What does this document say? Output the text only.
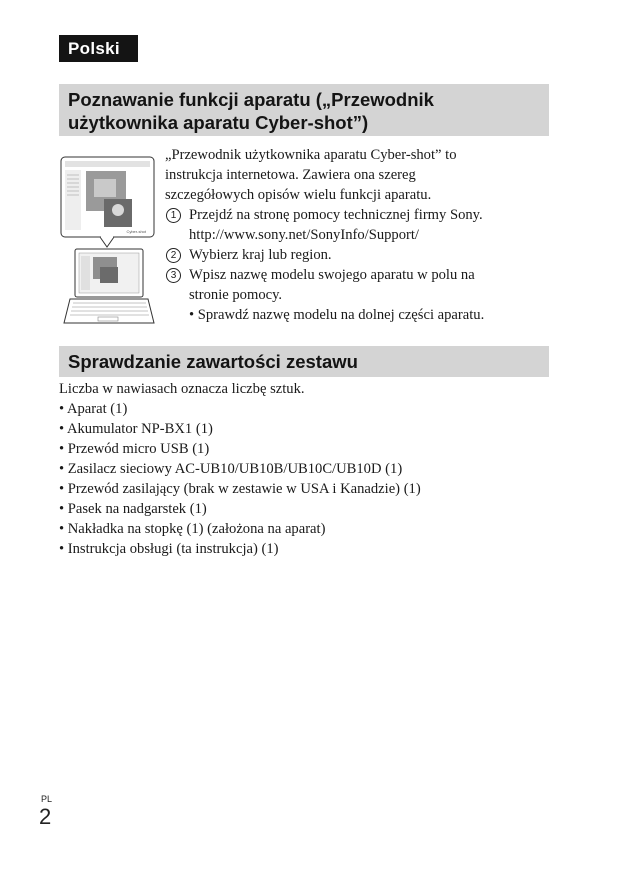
Polski
Poznawanie funkcji aparatu („Przewodnik
użytkownika aparatu Cyber-shot”)
Cyber-shot

„Przewodnik użytkownika aparatu Cyber-shot” to

instrukcja internetowa. Zawiera ona szereg

szczegółowych opisów wielu funkcji aparatu.

1 Przejdź na stronę pomocy technicznej firmy Sony.

http://www.sony.net/SonyInfo/Support/

2 Wybierz kraj lub region.

3 Wpisz nazwę modelu swojego aparatu w polu na

stronie pomocy.

• Sprawdź nazwę modelu na dolnej części aparatu.

Sprawdzanie zawartości zestawu

Liczba w nawiasach oznacza liczbę sztuk.

• Aparat (1)
• Akumulator NP-BX1 (1)
• Przewód micro USB (1)
• Zasilacz sieciowy AC-UB10/UB10B/UB10C/UB10D (1)
• Przewód zasilający (brak w zestawie w USA i Kanadzie) (1)
• Pasek na nadgarstek (1)
• Nakładka na stopkę (1) (założona na aparat)
• Instrukcja obsługi (ta instrukcja) (1)
PL
2
